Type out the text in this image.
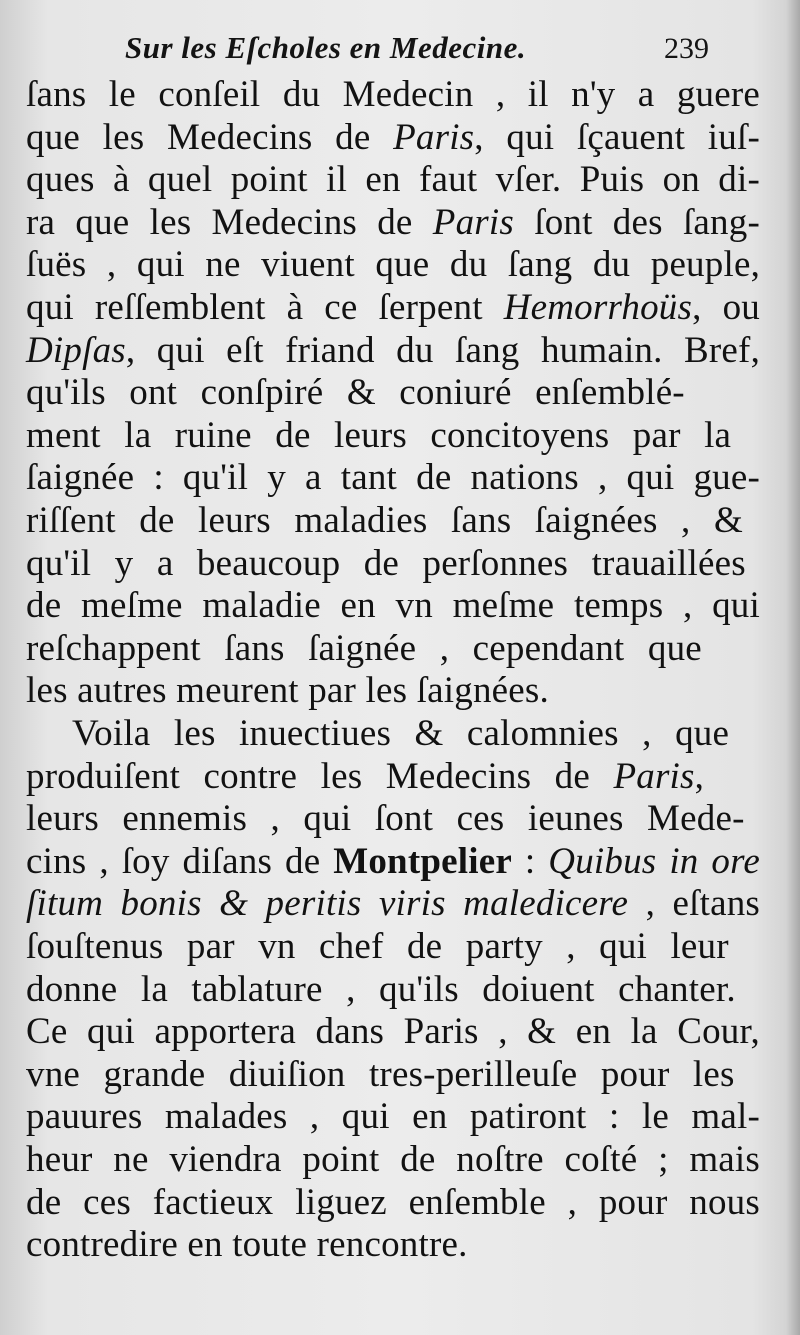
Sur les Eſcholes en Medecine.	239
ſans le conſeil du Medecin , il n'y a guere
que les Medecins de Paris, qui ſçauent iuſ-
ques à quel point il en faut vſer. Puis on di-
ra que les Medecins de Paris ſont des ſang-
ſuës , qui ne viuent que du ſang du peuple,
qui reſſemblent à ce ſerpent Hemorrhoüs, ou
Dipſas, qui eſt friand du ſang humain. Bref,
qu'ils ont conſpiré & coniuré enſemblé-
ment la ruine de leurs concitoyens par la
ſaignée : qu'il y a tant de nations , qui gue-
riſſent de leurs maladies ſans ſaignées , &
qu'il y a beaucoup de perſonnes trauaillées
de meſme maladie en vn meſme temps , qui
reſchappent ſans ſaignée , cependant que
les autres meurent par les ſaignées.
Voila les inuectiues & calomnies , que
produiſent contre les Medecins de Paris,
leurs ennemis , qui ſont ces ieunes Mede-
cins , ſoy diſans de Montpelier : Quibus in ore
ſitum bonis & peritis viris maledicere , eſtans
ſouſtenus par vn chef de party , qui leur
donne la tablature , qu'ils doiuent chanter.
Ce qui apportera dans Paris , & en la Cour,
vne grande diuiſion tres-perilleuſe pour les
pauures malades , qui en patiront : le mal-
heur ne viendra point de noſtre coſté ; mais
de ces factieux liguez enſemble , pour nous
contredire en toute rencontre.
